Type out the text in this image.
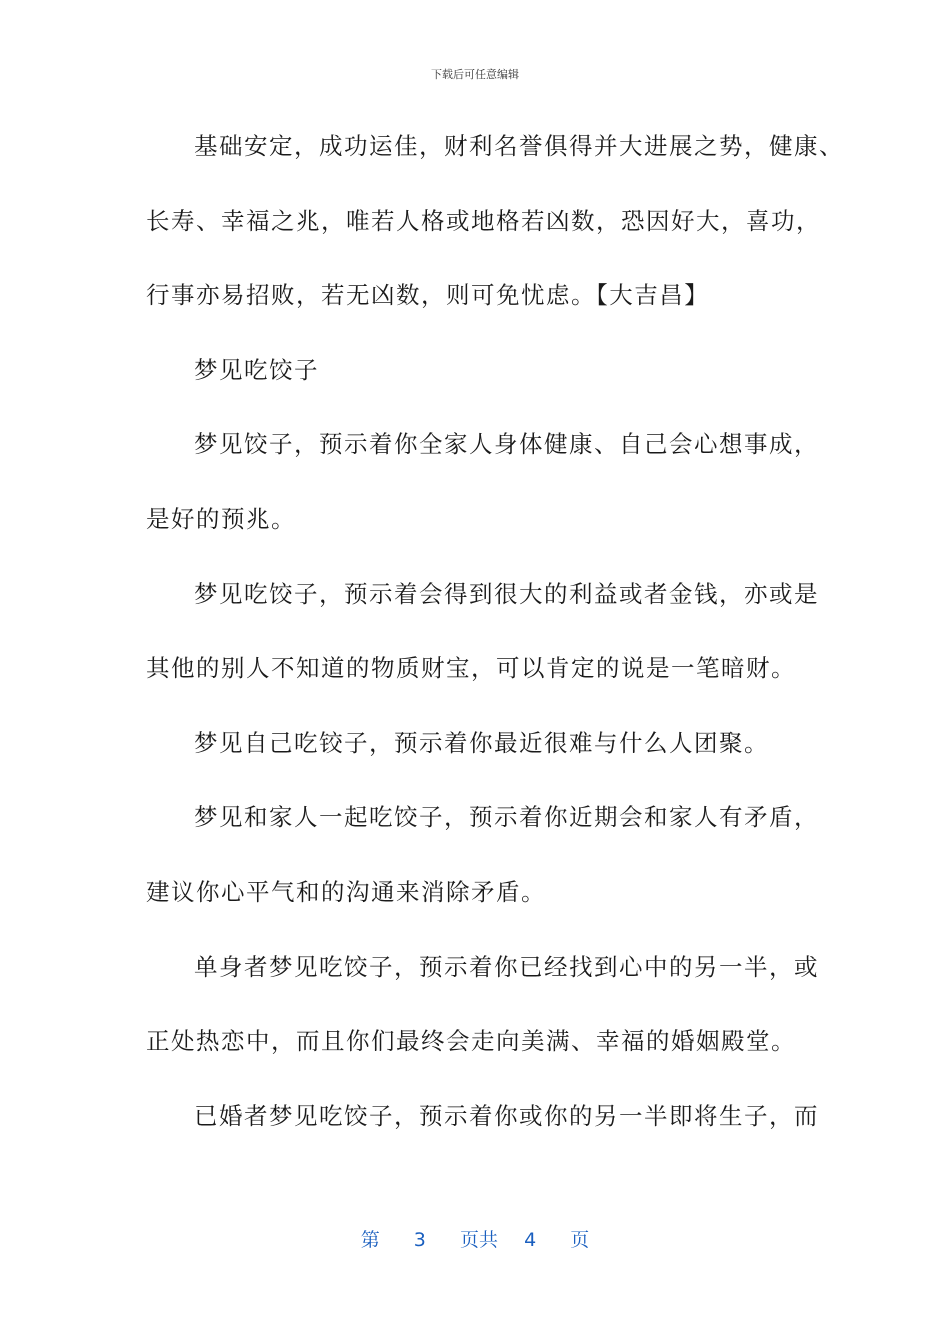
下载后可任意编辑
基础安定，成功运佳，财利名誉俱得并大进展之势，健康、
长寿、幸福之兆，唯若人格或地格若凶数，恐因好大，喜功，
行事亦易招败，若无凶数，则可免忧虑。【大吉昌】
梦见吃饺子
梦见饺子，预示着你全家人身体健康、自己会心想事成，
是好的预兆。
梦见吃饺子，预示着会得到很大的利益或者金钱，亦或是
其他的别人不知道的物质财宝，可以肯定的说是一笔暗财。
梦见自己吃铰子，预示着你最近很难与什么人团聚。
梦见和家人一起吃饺子，预示着你近期会和家人有矛盾，
建议你心平气和的沟通来消除矛盾。
单身者梦见吃饺子，预示着你已经找到心中的另一半，或
正处热恋中，而且你们最终会走向美满、幸福的婚姻殿堂。
已婚者梦见吃饺子，预示着你或你的另一半即将生子，而
第 3 页共 4 页
